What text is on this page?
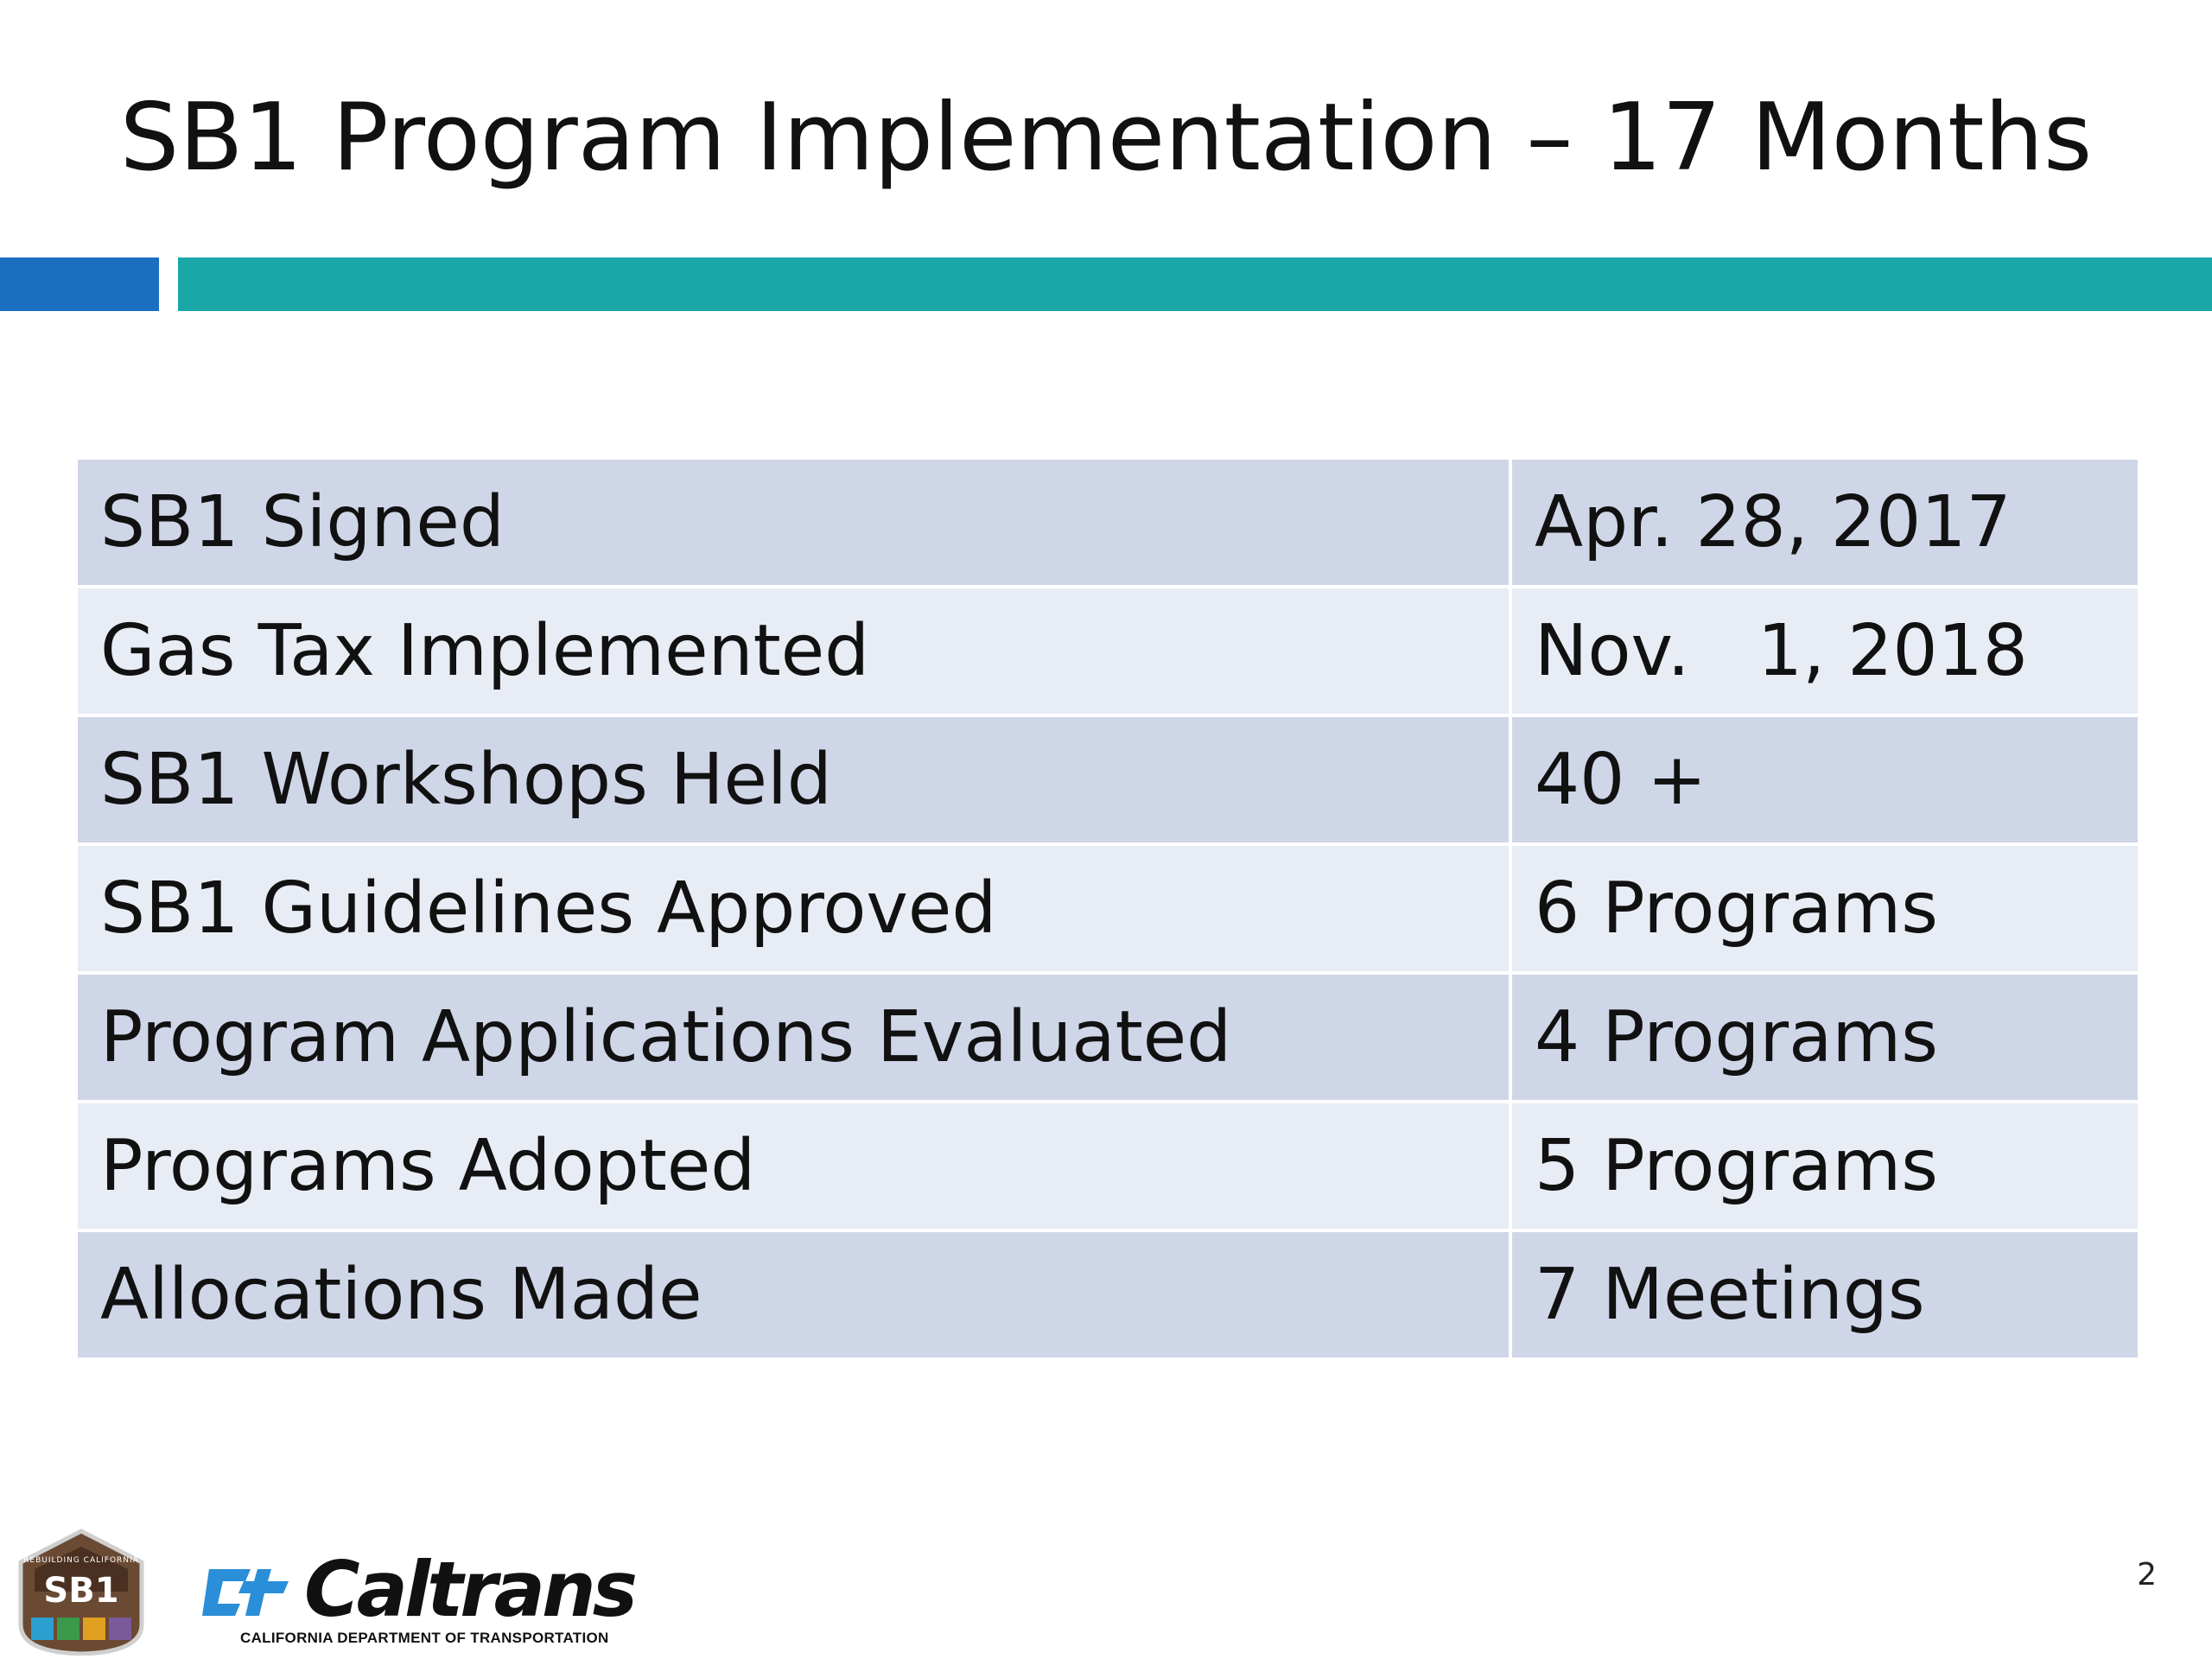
SB1 Program Implementation – 17 Months
SB1 Signed	Apr. 28, 2017
Gas Tax Implemented	Nov.   1, 2018
SB1 Workshops Held	40 +
SB1 Guidelines Approved	6 Programs
Program Applications Evaluated	4 Programs
Programs Adopted	5 Programs
Allocations Made	7 Meetings
REBUILDING CALIFORNIA
SB1 Caltrans
CALIFORNIA DEPARTMENT OF TRANSPORTATION
2
